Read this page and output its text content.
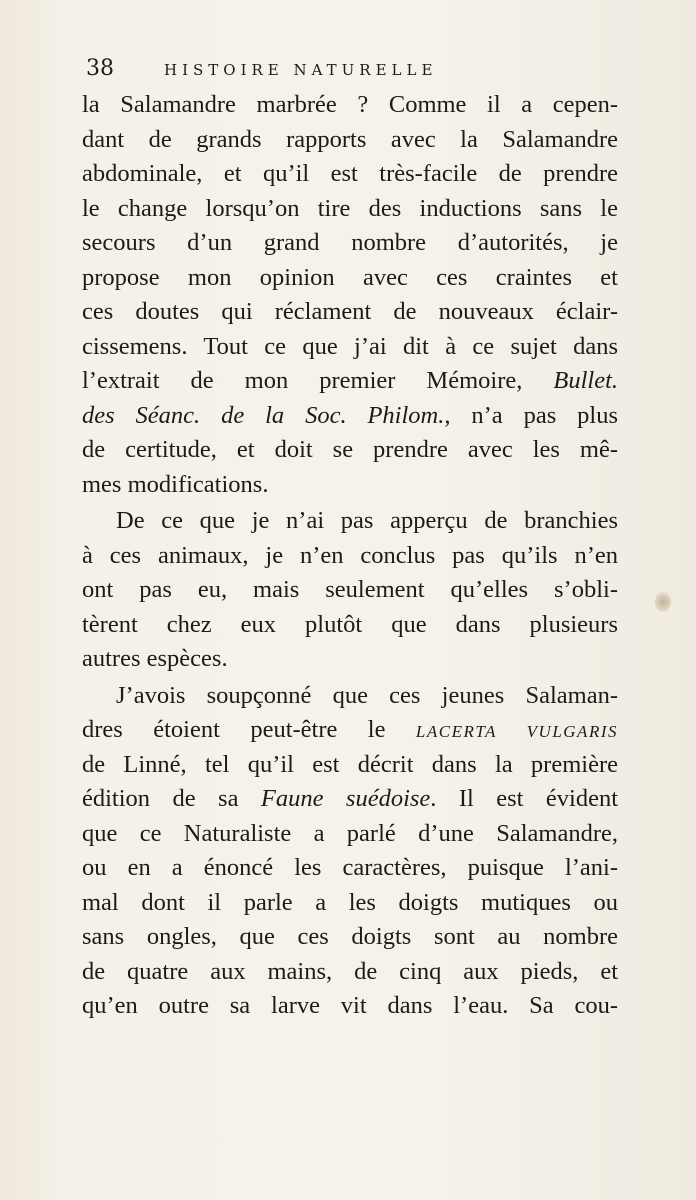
38	HISTOIRE NATURELLE
la Salamandre marbrée ? Comme il a cepen-
dant de grands rapports avec la Salamandre
abdominale, et qu’il est très-facile de prendre
le change lorsqu’on tire des inductions sans le
secours d’un grand nombre d’autorités, je
propose mon opinion avec ces craintes et
ces doutes qui réclament de nouveaux éclair-
cissemens. Tout ce que j’ai dit à ce sujet dans
l’extrait de mon premier Mémoire, Bullet.
des Séanc. de la Soc. Philom., n’a pas plus
de certitude, et doit se prendre avec les mê-
mes modifications.
De ce que je n’ai pas apperçu de branchies
à ces animaux, je n’en conclus pas qu’ils n’en
ont pas eu, mais seulement qu’elles s’obli-
tèrent chez eux plutôt que dans plusieurs
autres espèces.
J’avois soupçonné que ces jeunes Salaman-
dres étoient peut-être le LACERTA VULGARIS
de Linné, tel qu’il est décrit dans la première
édition de sa Faune suédoise. Il est évident
que ce Naturaliste a parlé d’une Salamandre,
ou en a énoncé les caractères, puisque l’ani-
mal dont il parle a les doigts mutiques ou
sans ongles, que ces doigts sont au nombre
de quatre aux mains, de cinq aux pieds, et
qu’en outre sa larve vit dans l’eau. Sa cou-
